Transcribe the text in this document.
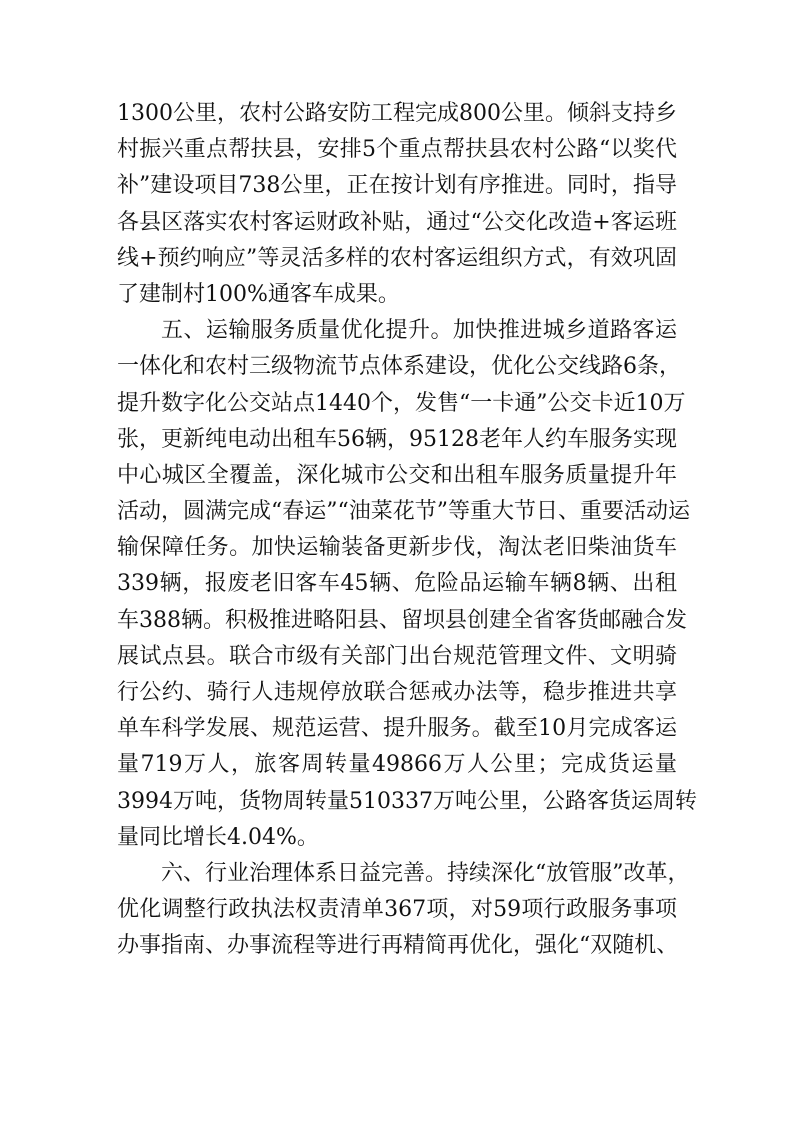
1300公里，农村公路安防工程完成800公里。倾斜支持乡
村振兴重点帮扶县，安排5个重点帮扶县农村公路“以奖代
补”建设项目738公里，正在按计划有序推进。同时，指导
各县区落实农村客运财政补贴，通过“公交化改造+客运班
线+预约响应”等灵活多样的农村客运组织方式，有效巩固
了建制村100%通客车成果。
五、运输服务质量优化提升。加快推进城乡道路客运
一体化和农村三级物流节点体系建设，优化公交线路6条，
提升数字化公交站点1440个，发售“一卡通”公交卡近10万
张，更新纯电动出租车56辆，95128老年人约车服务实现
中心城区全覆盖，深化城市公交和出租车服务质量提升年
活动，圆满完成“春运”“油菜花节”等重大节日、重要活动运
输保障任务。加快运输装备更新步伐，淘汰老旧柴油货车
339辆，报废老旧客车45辆、危险品运输车辆8辆、出租
车388辆。积极推进略阳县、留坝县创建全省客货邮融合发
展试点县。联合市级有关部门出台规范管理文件、文明骑
行公约、骑行人违规停放联合惩戒办法等，稳步推进共享
单车科学发展、规范运营、提升服务。截至10月完成客运
量719万人，旅客周转量49866万人公里；完成货运量
3994万吨，货物周转量510337万吨公里，公路客货运周转
量同比增长4.04%。
六、行业治理体系日益完善。持续深化“放管服”改革，
优化调整行政执法权责清单367项，对59项行政服务事项
办事指南、办事流程等进行再精简再优化，强化“双随机、
